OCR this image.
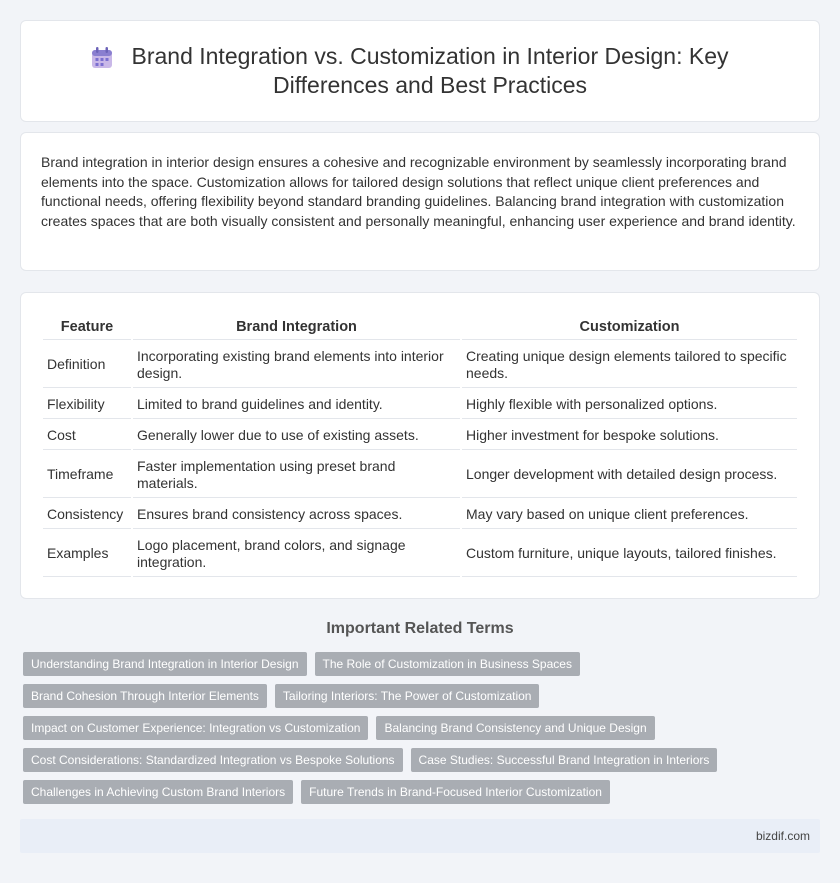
Brand Integration vs. Customization in Interior Design: Key Differences and Best Practices

Brand integration in interior design ensures a cohesive and recognizable environment by seamlessly incorporating brand elements into the space. Customization allows for tailored design solutions that reflect unique client preferences and functional needs, offering flexibility beyond standard branding guidelines. Balancing brand integration with customization creates spaces that are both visually consistent and personally meaningful, enhancing user experience and brand identity.

Feature	Brand Integration	Customization
Definition	Incorporating existing brand elements into interior design.	Creating unique design elements tailored to specific needs.
Flexibility	Limited to brand guidelines and identity.	Highly flexible with personalized options.
Cost	Generally lower due to use of existing assets.	Higher investment for bespoke solutions.
Timeframe	Faster implementation using preset brand materials.	Longer development with detailed design process.
Consistency	Ensures brand consistency across spaces.	May vary based on unique client preferences.
Examples	Logo placement, brand colors, and signage integration.	Custom furniture, unique layouts, tailored finishes.
Important Related Terms
Understanding Brand Integration in Interior Design	The Role of Customization in Business Spaces
Brand Cohesion Through Interior Elements	Tailoring Interiors: The Power of Customization
Impact on Customer Experience: Integration vs Customization	Balancing Brand Consistency and Unique Design
Cost Considerations: Standardized Integration vs Bespoke Solutions	Case Studies: Successful Brand Integration in Interiors
Challenges in Achieving Custom Brand Interiors	Future Trends in Brand-Focused Interior Customization
bizdif.com
